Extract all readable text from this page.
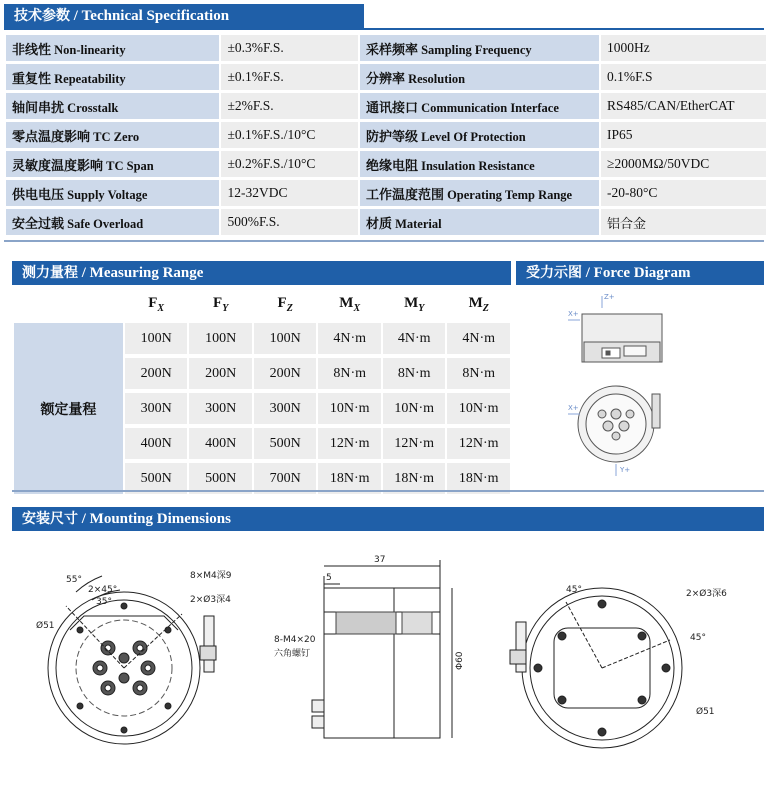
技术参数 / Technical Specification
非线性 Non-linearity	±0.3%F.S.	采样频率 Sampling Frequency	1000Hz
重复性 Repeatability	±0.1%F.S.	分辨率 Resolution	0.1%F.S
轴间串扰 Crosstalk	±2%F.S.	通讯接口 Communication Interface	RS485/CAN/EtherCAT
零点温度影响 TC Zero	±0.1%F.S./10°C	防护等级 Level Of Protection	IP65
灵敏度温度影响 TC Span	±0.2%F.S./10°C	绝缘电阻 Insulation Resistance	≥2000MΩ/50VDC
供电电压 Supply Voltage	12-32VDC	工作温度范围 Operating Temp Range	-20-80°C
安全过载 Safe Overload	500%F.S.	材质 Material	铝合金
测力量程 / Measuring Range
	$F_X$	$F_Y$	$F_Z$	$M_X$	$M_Y$	$M_Z$
额定量程	100N	100N	100N	4N·m	4N·m	4N·m
	200N	200N	200N	8N·m	8N·m	8N·m
	300N	300N	300N	10N·m	10N·m	10N·m
	400N	400N	500N	12N·m	12N·m	12N·m
	500N	500N	700N	18N·m	18N·m	18N·m
受力示图 / Force Diagram
Z+
X+
X+
Y+
安装尺寸 / Mounting Dimensions
55°
2×45°
35°
Ø51
8×M4深9
2×Ø3深4
37
5
8-M4×20
六角螺钉	Φ60
45°
45°
2×Ø3深6
Ø51
